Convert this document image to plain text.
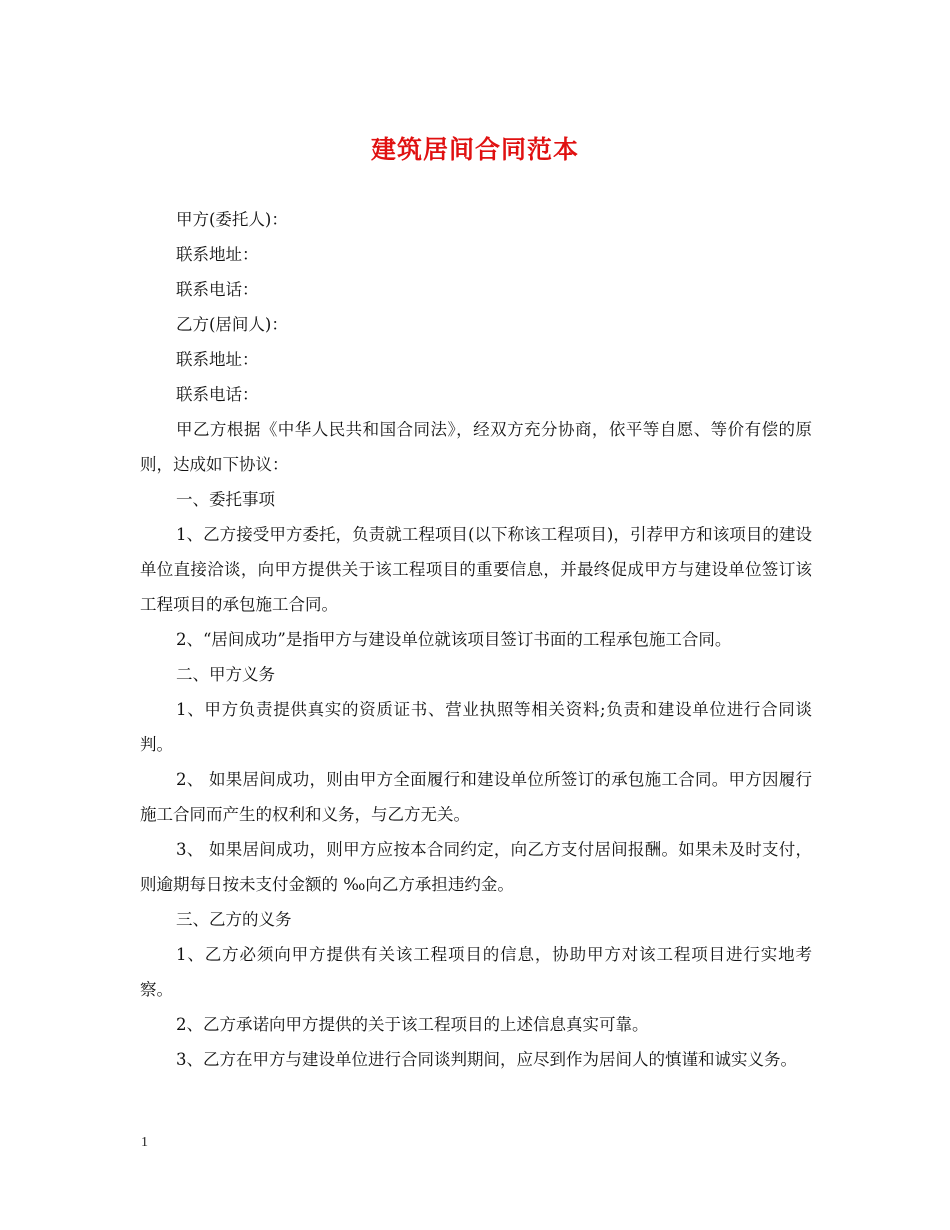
建筑居间合同范本

甲方(委托人)：

联系地址：

联系电话：

乙方(居间人)：

联系地址：

联系电话：

甲乙方根据《中华人民共和国合同法》，经双方充分协商，依平等自愿、等价有偿的原则，达成如下协议：

一、委托事项

1、乙方接受甲方委托，负责就工程项目(以下称该工程项目)，引荐甲方和该项目的建设单位直接洽谈，向甲方提供关于该工程项目的重要信息，并最终促成甲方与建设单位签订该工程项目的承包施工合同。

2、“居间成功”是指甲方与建设单位就该项目签订书面的工程承包施工合同。

二、甲方义务

1、甲方负责提供真实的资质证书、营业执照等相关资料;负责和建设单位进行合同谈判。

2、 如果居间成功，则由甲方全面履行和建设单位所签订的承包施工合同。甲方因履行施工合同而产生的权利和义务，与乙方无关。

3、 如果居间成功，则甲方应按本合同约定，向乙方支付居间报酬。如果未及时支付，则逾期每日按未支付金额的 ‰向乙方承担违约金。

三、乙方的义务

1、乙方必须向甲方提供有关该工程项目的信息，协助甲方对该工程项目进行实地考察。

2、乙方承诺向甲方提供的关于该工程项目的上述信息真实可靠。

3、乙方在甲方与建设单位进行合同谈判期间，应尽到作为居间人的慎谨和诚实义务。

1
